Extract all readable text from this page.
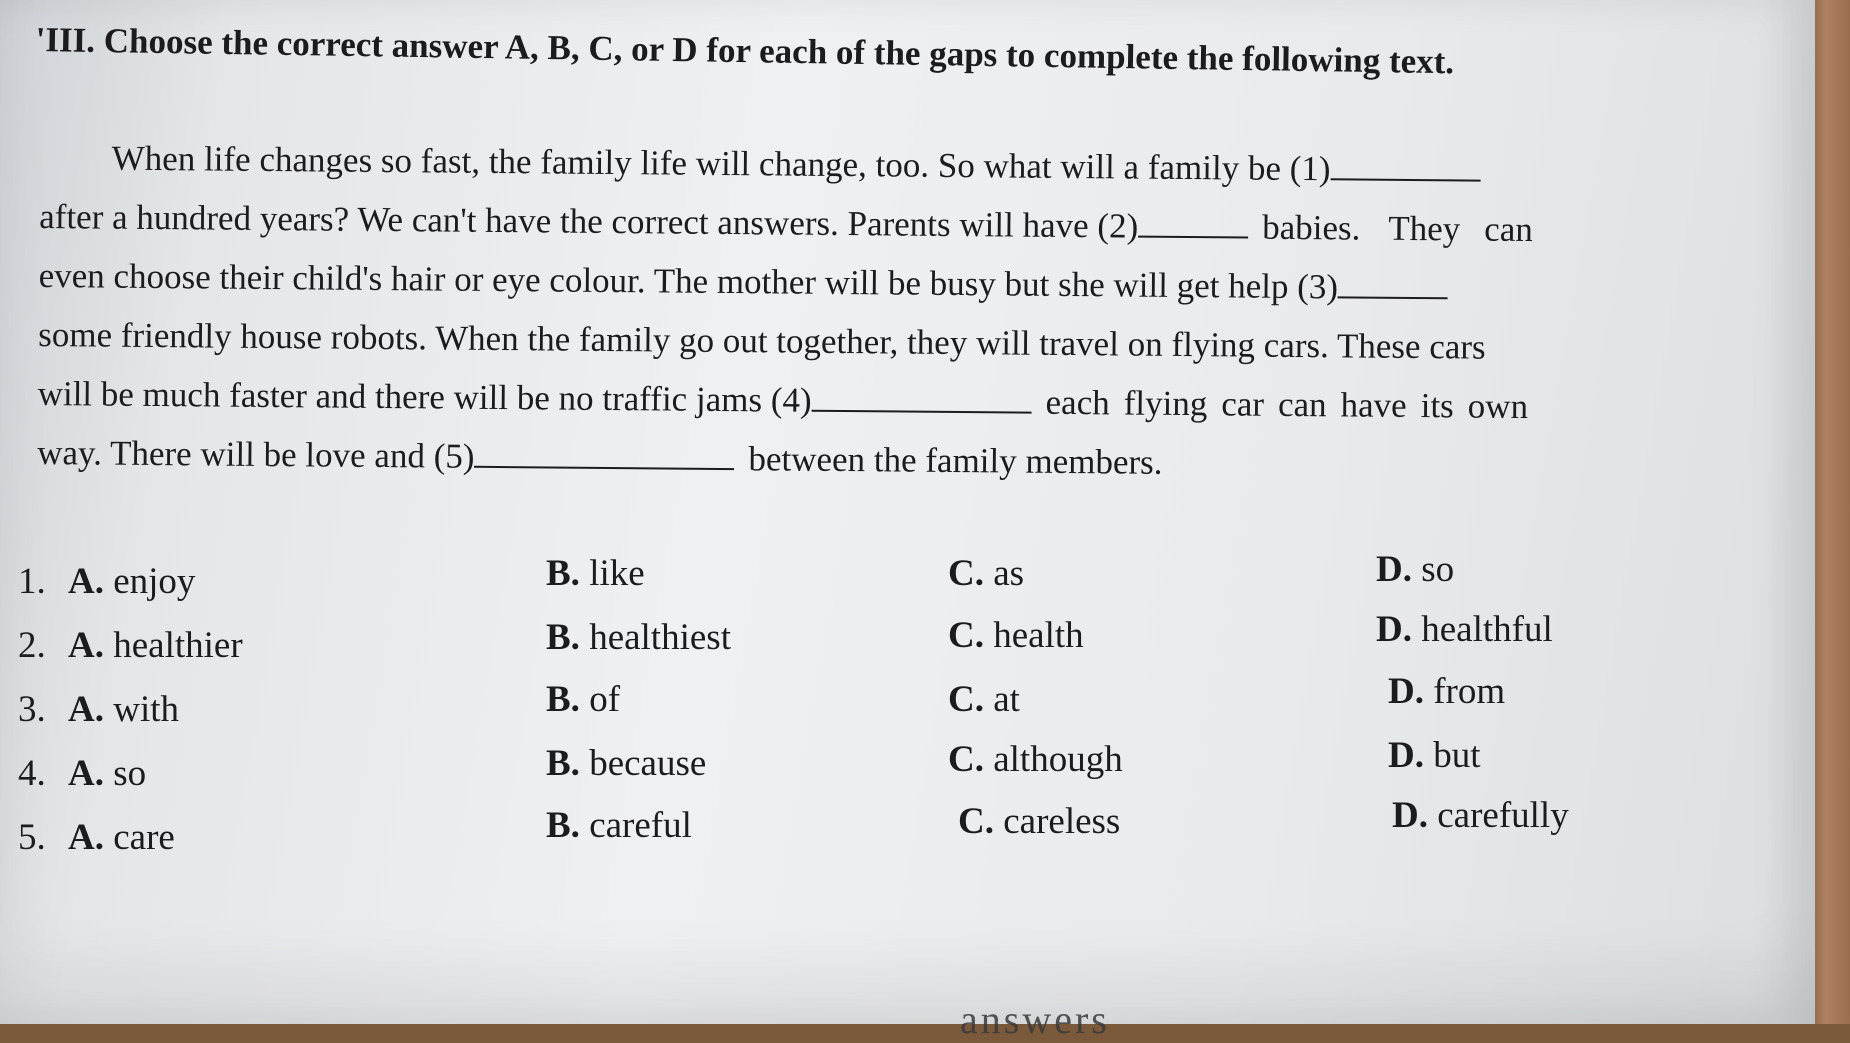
'III. Choose the correct answer A, B, C, or D for each of the gaps to complete the following text.
When life changes so fast, the family life will change, too. So what will a family be (1)
after a hundred years? We can't have the correct answers. Parents will have (2)	babies. They can
even choose their child's hair or eye colour. The mother will be busy but she will get help (3)
some friendly house robots. When the family go out together, they will travel on flying cars. These cars
will be much faster and there will be no traffic jams (4)	each flying car can have its own
way. There will be love and (5)	between the family members.
1. A. enjoy	B. like	C. as	D. so
2. A. healthier	B. healthiest	C. health	D. healthful
3. A. with	B. of	C. at	D. from
4. A. so	B. because	C. although	D. but
5. A. care	B. careful	C. careless	D. carefully
answers
